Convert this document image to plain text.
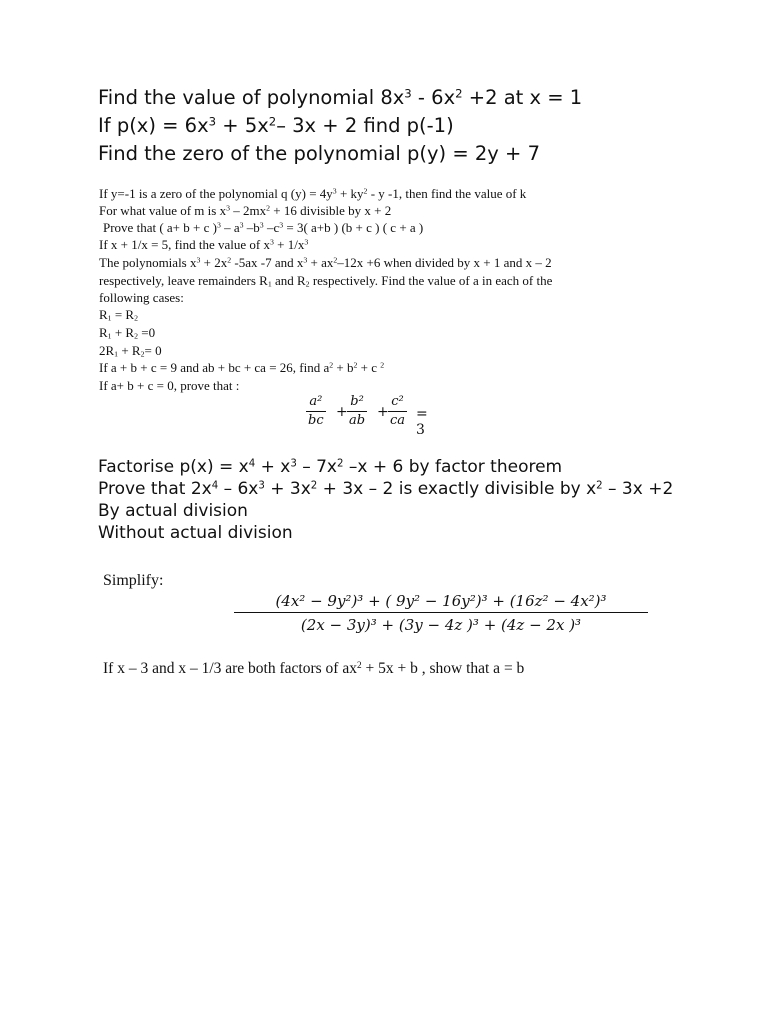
Find the value of polynomial $8x^3 - 6x^2 +2$ at x = 1
If $p(x) = 6x^3 + 5x^2-$ 3x + 2 find p(-1)
Find the zero of the polynomial p(y) = 2y + 7
If y=-1 is a zero of the polynomial q $(y) = 4y^3 + ky^2 - y$ -1, then find the value of k
For what value of m is $x^3 - 2mx^2 + 16$ divisible by x + 2
Prove that ( a+ b + c )$^3 - a^3$ $-b^3$ $-c^3 = 3$( a+b ) (b + c ) ( c + a )
If x + 1/x = 5, find the value of $x^3 + 1/x^3$
The polynomials $x^3 + 2x^2$ -5ax -7 and $x^3 + ax^2-12x +6$ when divided by x + 1 and x – 2
respectively, leave remainders $R_1$ and $R_2$ respectively. Find the value of a in each of the
following cases:
$R_1 = R_2$
$R_1 + R_2 =0$
$2R_1 + R_2= 0$
If a + b + c = 9 and ab + bc + ca = 26, find $a^2 + b^2 + c$ $^2$
If a+ b + c = 0, prove that :
a²
bc
+
b²
ab
+
c²
ca = 3
Factorise $p(x) = x^4 + x^3 - 7x^2$ –x + 6 by factor theorem
Prove that $2x^4 - 6x^3 + 3x^2 + 3x - 2$ is exactly divisible by $x^2 - 3x +2$
By actual division
Without actual division
Simplify:
(4x² − 9y²)³ + ( 9y² − 16y²)³ + (16z² − 4x²)³
(2x − 3y)³ + (3y − 4z )³ + (4z − 2x )³
If x – 3 and x – 1/3 are both factors of $ax^2 + 5x + b$ , show that a = b
